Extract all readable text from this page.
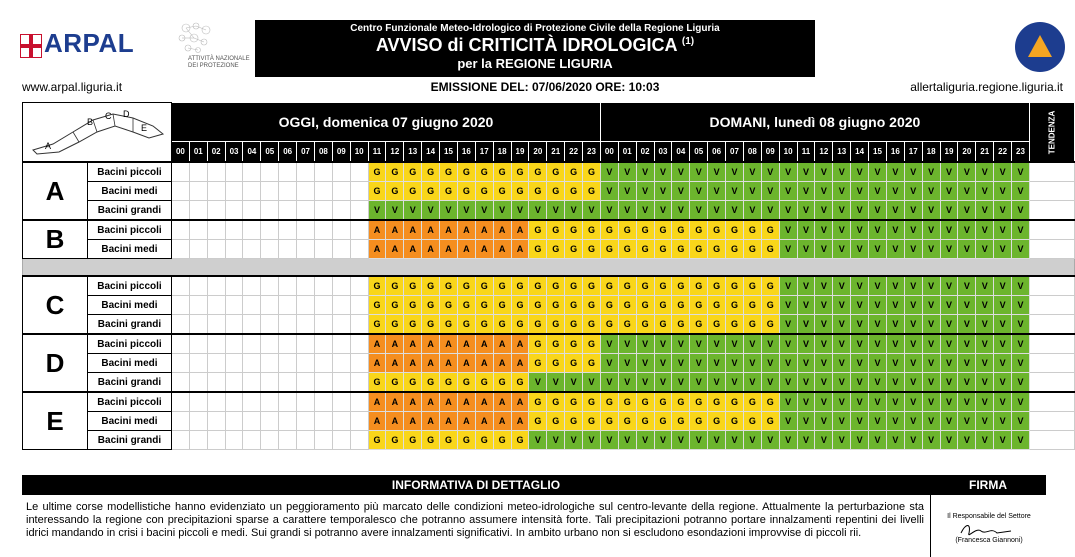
ARPAL
ATTIVITÀ NAZIONALE DEI PROTEZIONE
Centro Funzionale Meteo-Idrologico di Protezione Civile della Regione Liguria
AVVISO di CRITICITÀ IDROLOGICA $^{(1)}$
per la REGIONE LIGURIA
www.arpal.liguria.it	EMISSIONE DEL: 07/06/2020 ORE: 10:03	allertaliguria.regione.liguria.it
A
B
C D
E		OGGI, domenica 07 giugno 2020																								DOMANI, lunedì 08 giugno 2020																								TENDENZA
		00	01	02	03	04	05	06	07	08	09	10	11	12	13	14	15	16	17	18	19	20	21	22	23	00	01	02	03	04	05	06	07	08	09	10	11	12	13	14	15	16	17	18	19	20	21	22	23	
A	Bacini piccoli												G	G	G	G	G	G	G	G	G	G	G	G	G	V	V	V	V	V	V	V	V	V	V	V	V	V	V	V	V	V	V	V	V	V	V	V	V	
	Bacini medi												G	G	G	G	G	G	G	G	G	G	G	G	G	V	V	V	V	V	V	V	V	V	V	V	V	V	V	V	V	V	V	V	V	V	V	V	V	
	Bacini grandi												V	V	V	V	V	V	V	V	V	V	V	V	V	V	V	V	V	V	V	V	V	V	V	V	V	V	V	V	V	V	V	V	V	V	V	V	V	
B	Bacini piccoli												A	A	A	A	A	A	A	A	A	G	G	G	G	G	G	G	G	G	G	G	G	G	G	V	V	V	V	V	V	V	V	V	V	V	V	V	V	
	Bacini medi												A	A	A	A	A	A	A	A	A	G	G	G	G	G	G	G	G	G	G	G	G	G	G	V	V	V	V	V	V	V	V	V	V	V	V	V	V	

C	Bacini piccoli												G	G	G	G	G	G	G	G	G	G	G	G	G	G	G	G	G	G	G	G	G	G	G	V	V	V	V	V	V	V	V	V	V	V	V	V	V	
	Bacini medi												G	G	G	G	G	G	G	G	G	G	G	G	G	G	G	G	G	G	G	G	G	G	G	V	V	V	V	V	V	V	V	V	V	V	V	V	V	
	Bacini grandi												G	G	G	G	G	G	G	G	G	G	G	G	G	G	G	G	G	G	G	G	G	G	G	V	V	V	V	V	V	V	V	V	V	V	V	V	V	
D	Bacini piccoli												A	A	A	A	A	A	A	A	A	G	G	G	G	V	V	V	V	V	V	V	V	V	V	V	V	V	V	V	V	V	V	V	V	V	V	V	V	
	Bacini medi												A	A	A	A	A	A	A	A	A	G	G	G	G	V	V	V	V	V	V	V	V	V	V	V	V	V	V	V	V	V	V	V	V	V	V	V	V	
	Bacini grandi												G	G	G	G	G	G	G	G	G	V	V	V	V	V	V	V	V	V	V	V	V	V	V	V	V	V	V	V	V	V	V	V	V	V	V	V	V	
E	Bacini piccoli												A	A	A	A	A	A	A	A	A	G	G	G	G	G	G	G	G	G	G	G	G	G	G	V	V	V	V	V	V	V	V	V	V	V	V	V	V	
	Bacini medi												A	A	A	A	A	A	A	A	A	G	G	G	G	G	G	G	G	G	G	G	G	G	G	V	V	V	V	V	V	V	V	V	V	V	V	V	V	
	Bacini grandi												G	G	G	G	G	G	G	G	G	V	V	V	V	V	V	V	V	V	V	V	V	V	V	V	V	V	V	V	V	V	V	V	V	V	V	V	V	
INFORMATIVA DI DETTAGLIO	FIRMA
Le ultime corse modellistiche hanno evidenziato un peggioramento più marcato delle condizioni meteo-idrologiche sul centro-levante della regione. Attualmente la perturbazione sta interessando la regione con precipitazioni sparse a carattere temporalesco che potranno assumere intensità forte. Tali precipitazioni potranno portare innalzamenti repentini dei livelli idrici mandando in crisi i bacini piccoli e medi. Sui grandi si potranno avere innalzamenti significativi. In ambito urbano non si escludono esondazioni improvvise di piccoli rii.
Il Responsabile del Settore
(Francesca Giannoni)
